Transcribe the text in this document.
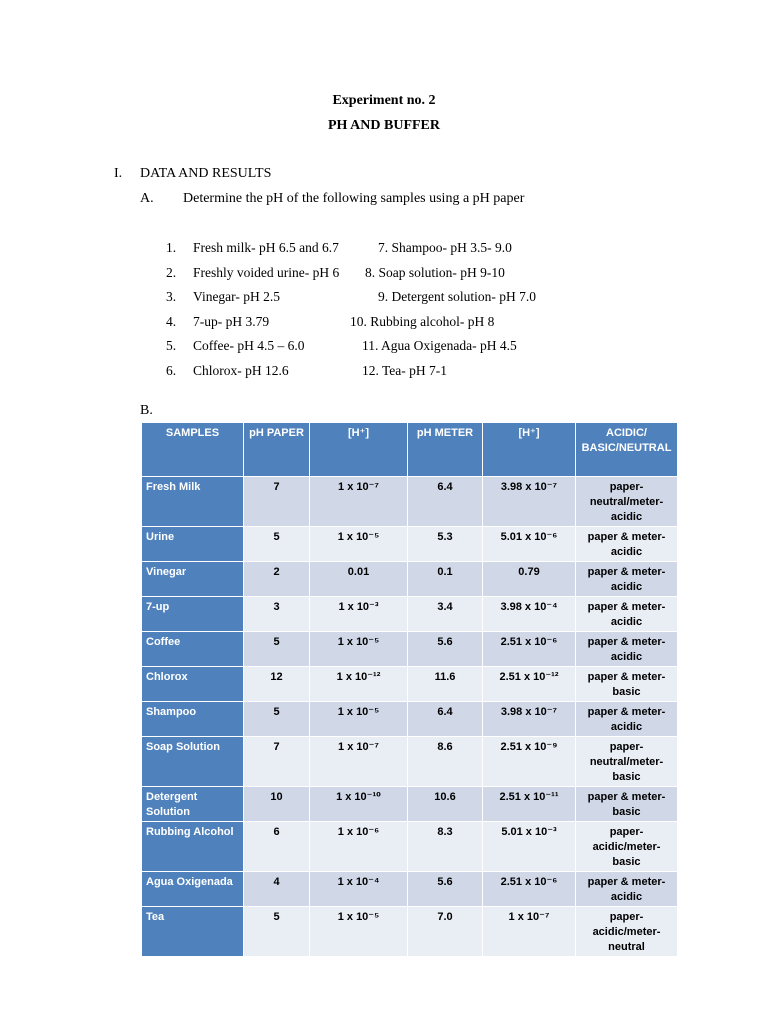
Experiment no. 2
PH AND BUFFER
I. DATA AND RESULTS
A. Determine the pH of the following samples using a pH paper
1.	Fresh milk- pH 6.5 and 6.7
2.	Freshly voided urine- pH 6
3.	Vinegar- pH 2.5
4.	7-up- pH 3.79
5.	Coffee- pH 4.5 – 6.0
6.	Chlorox- pH 12.6
7. Shampoo- pH 3.5- 9.0
8. Soap solution- pH 9-10
9. Detergent solution- pH 7.0
10. Rubbing alcohol- pH 8
11. Agua Oxigenada- pH 4.5
12. Tea- pH 7-1
B.
SAMPLES	pH PAPER	[H⁺]	pH METER	[H⁺]	ACIDIC/ BASIC/NEUTRAL
Fresh Milk	7	1 x 10⁻⁷	6.4	3.98 x 10⁻⁷	paper-neutral/meter-acidic
Urine	5	1 x 10⁻⁵	5.3	5.01 x 10⁻⁶	paper & meter-acidic
Vinegar	2	0.01	0.1	0.79	paper & meter-acidic
7-up	3	1 x 10⁻³	3.4	3.98 x 10⁻⁴	paper & meter-acidic
Coffee	5	1 x 10⁻⁵	5.6	2.51 x 10⁻⁶	paper & meter-acidic
Chlorox	12	1 x 10⁻¹²	11.6	2.51 x 10⁻¹²	paper & meter-basic
Shampoo	5	1 x 10⁻⁵	6.4	3.98 x 10⁻⁷	paper & meter-acidic
Soap Solution	7	1 x 10⁻⁷	8.6	2.51 x 10⁻⁹	paper-neutral/meter-basic
Detergent Solution	10	1 x 10⁻¹⁰	10.6	2.51 x 10⁻¹¹	paper & meter-basic
Rubbing Alcohol	6	1 x 10⁻⁶	8.3	5.01 x 10⁻³	paper-acidic/meter-basic
Agua Oxigenada	4	1 x 10⁻⁴	5.6	2.51 x 10⁻⁶	paper & meter-acidic
Tea	5	1 x 10⁻⁵	7.0	1 x 10⁻⁷	paper-acidic/meter-neutral
